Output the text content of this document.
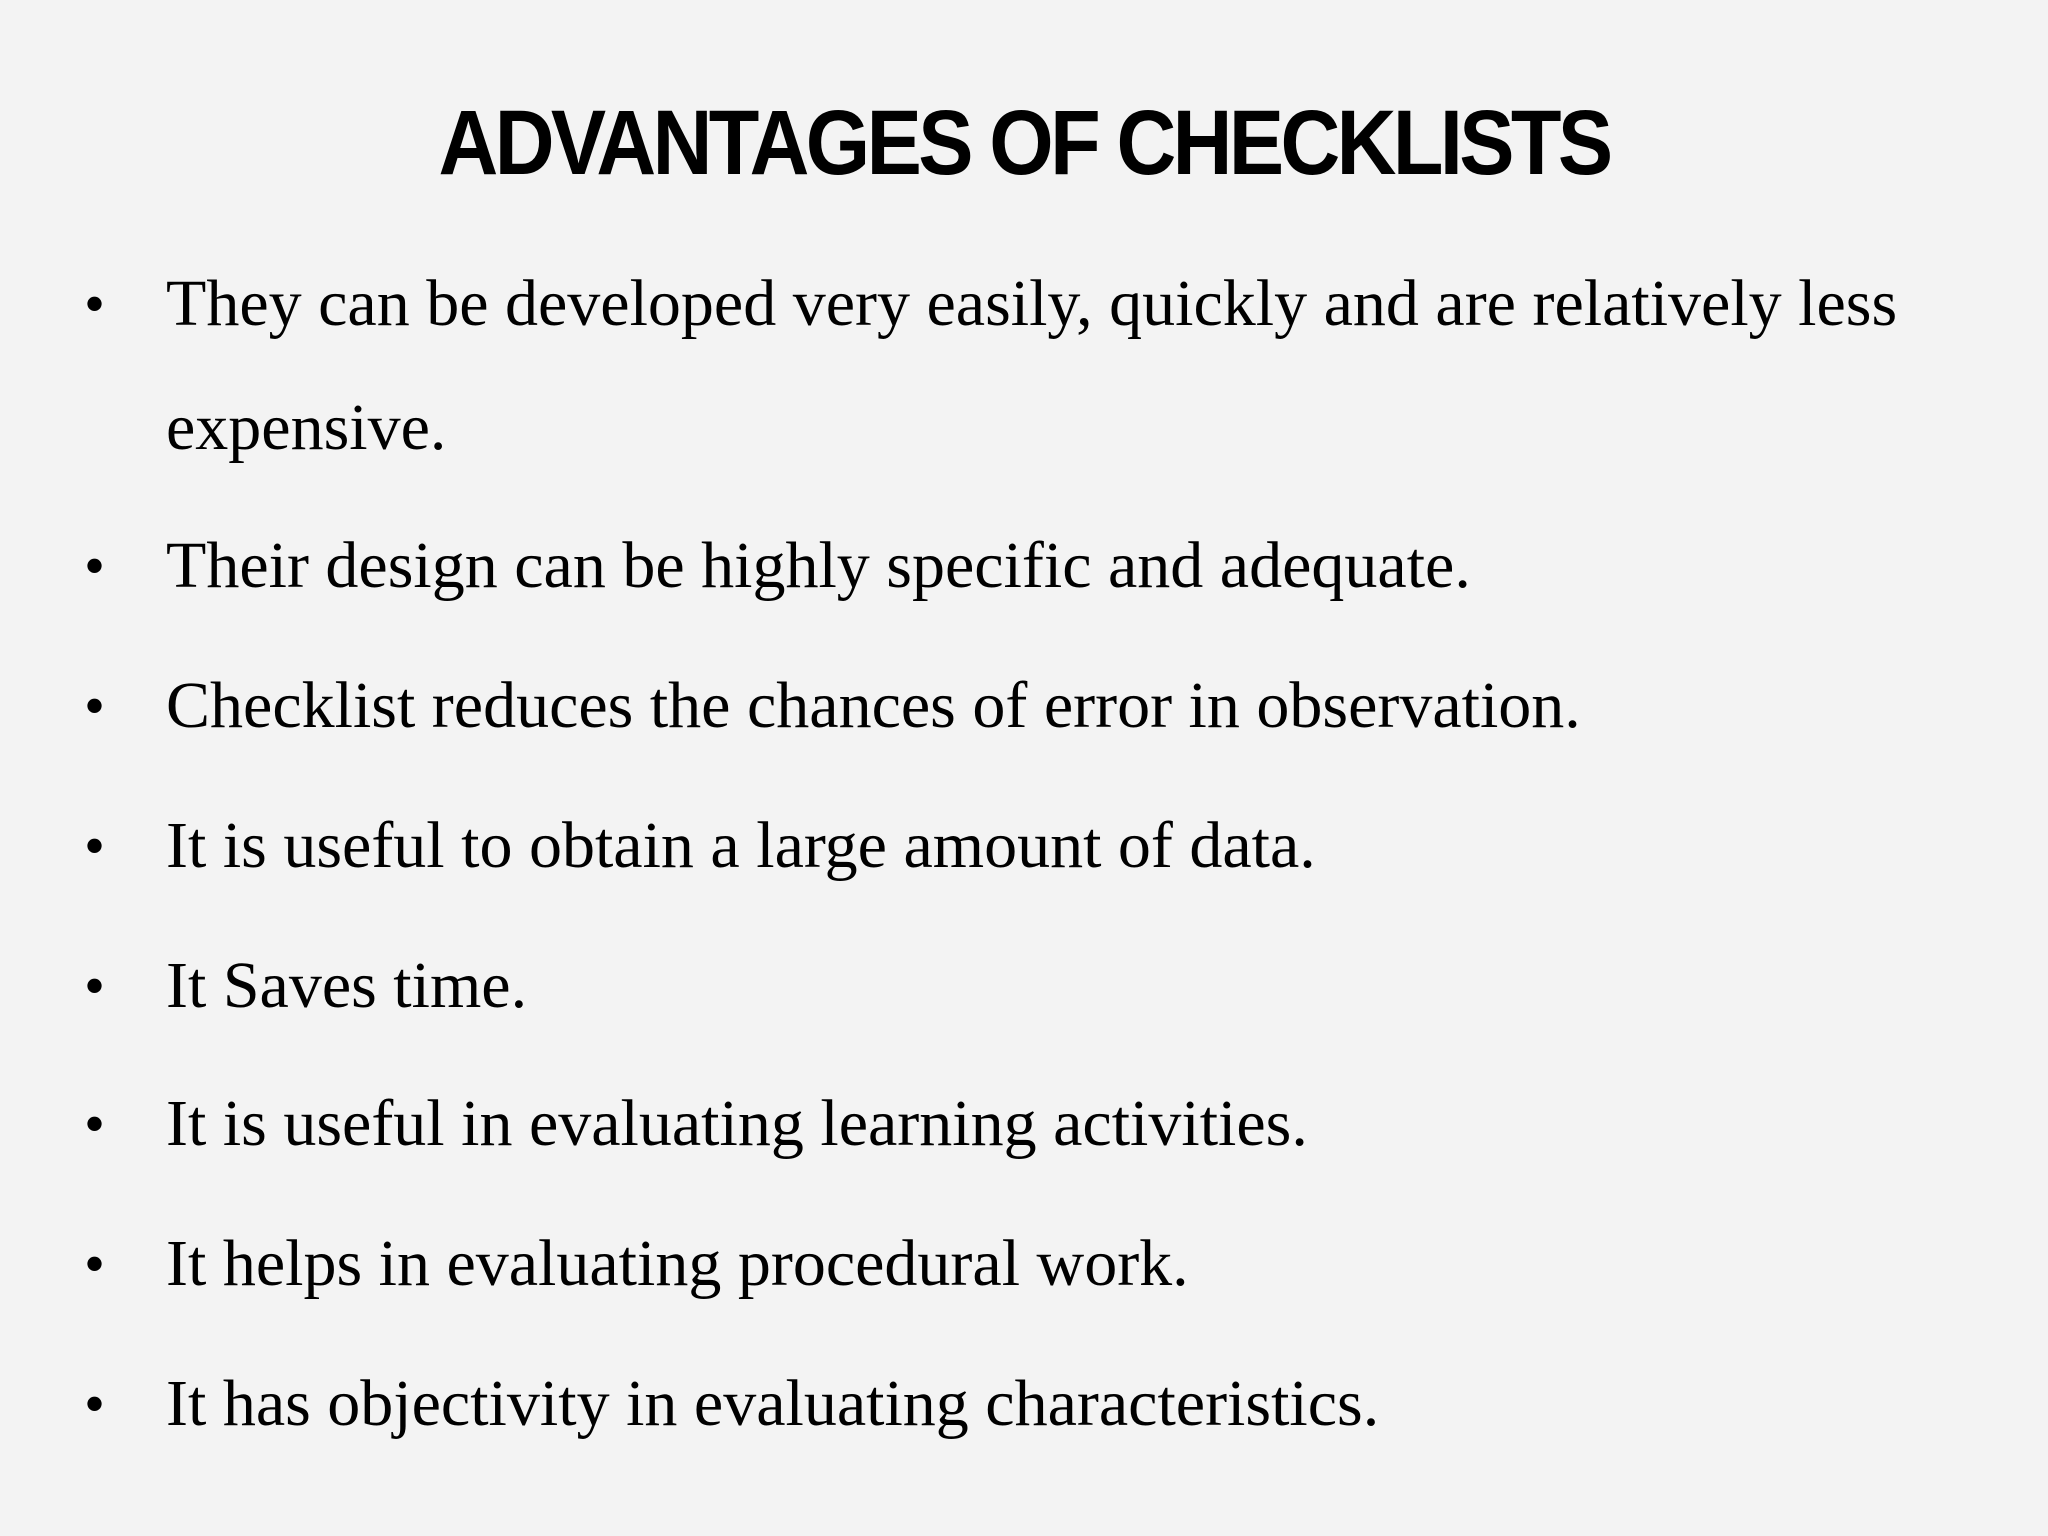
ADVANTAGES OF CHECKLISTS
• They can be developed very easily, quickly and are relatively less expensive.
• Their design can be highly specific and adequate.
• Checklist reduces the chances of error in observation.
• It is useful to obtain a large amount of data.
• It Saves time.
• It is useful in evaluating learning activities.
• It helps in evaluating procedural work.
• It has objectivity in evaluating characteristics.
